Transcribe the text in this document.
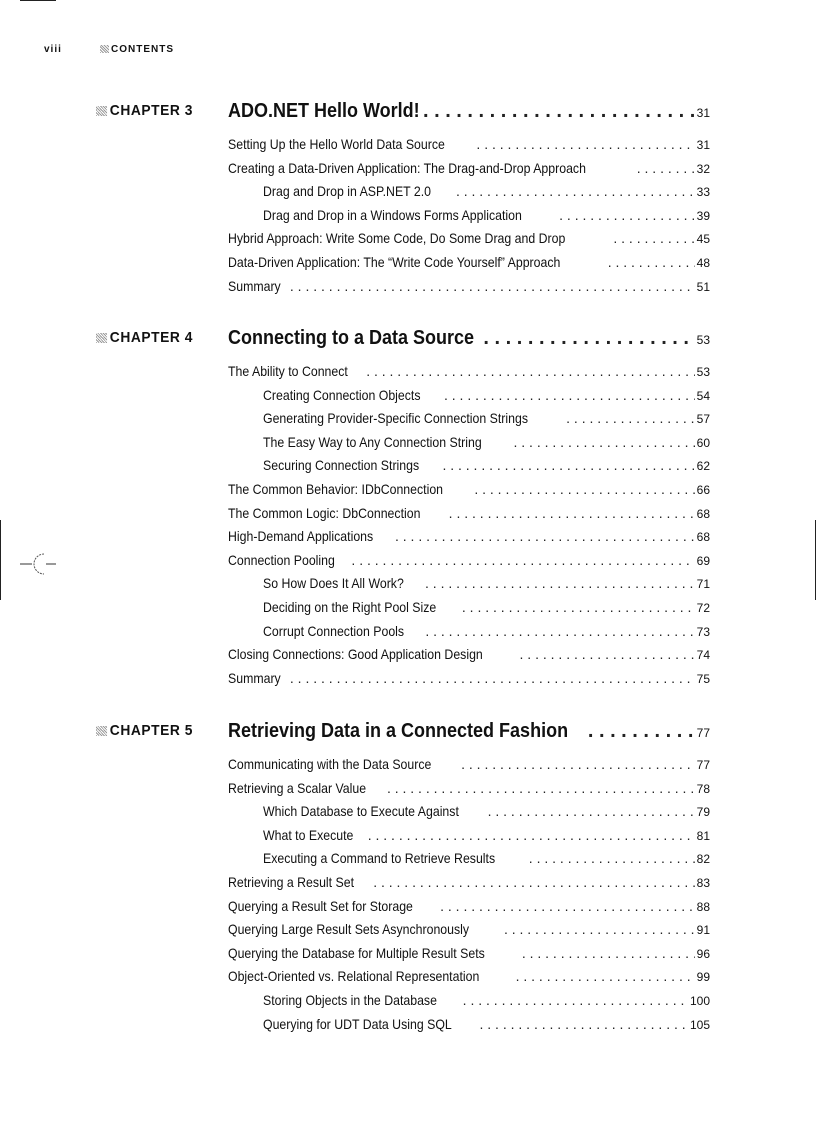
viii	CONTENTS
CHAPTER 3 ADO.NET Hello World! . . .	31
Setting Up the Hello World Data Source . . .	31
Creating a Data-Driven Application: The Drag-and-Drop Approach . . .	32
Drag and Drop in ASP.NET 2.0 . . .	33
Drag and Drop in a Windows Forms Application . . .	39
Hybrid Approach: Write Some Code, Do Some Drag and Drop . . .	45
Data-Driven Application: The “Write Code Yourself” Approach . . .	48
Summary . . .	51
CHAPTER 4 Connecting to a Data Source . . .	53
The Ability to Connect . . .	53
Creating Connection Objects . . .	54
Generating Provider-Specific Connection Strings . . .	57
The Easy Way to Any Connection String . . .	60
Securing Connection Strings . . .	62
The Common Behavior: IDbConnection . . .	66
The Common Logic: DbConnection . . .	68
High-Demand Applications . . .	68
Connection Pooling . . .	69
So How Does It All Work? . . .	71
Deciding on the Right Pool Size . . .	72
Corrupt Connection Pools . . .	73
Closing Connections: Good Application Design . . .	74
Summary . . .	75
CHAPTER 5 Retrieving Data in a Connected Fashion . . .	77
Communicating with the Data Source . . .	77
Retrieving a Scalar Value . . .	78
Which Database to Execute Against . . .	79
What to Execute . . .	81
Executing a Command to Retrieve Results . . .	82
Retrieving a Result Set . . .	83
Querying a Result Set for Storage . . .	88
Querying Large Result Sets Asynchronously . . .	91
Querying the Database for Multiple Result Sets . . .	96
Object-Oriented vs. Relational Representation . . .	99
Storing Objects in the Database . . .	100
Querying for UDT Data Using SQL . . .	105
